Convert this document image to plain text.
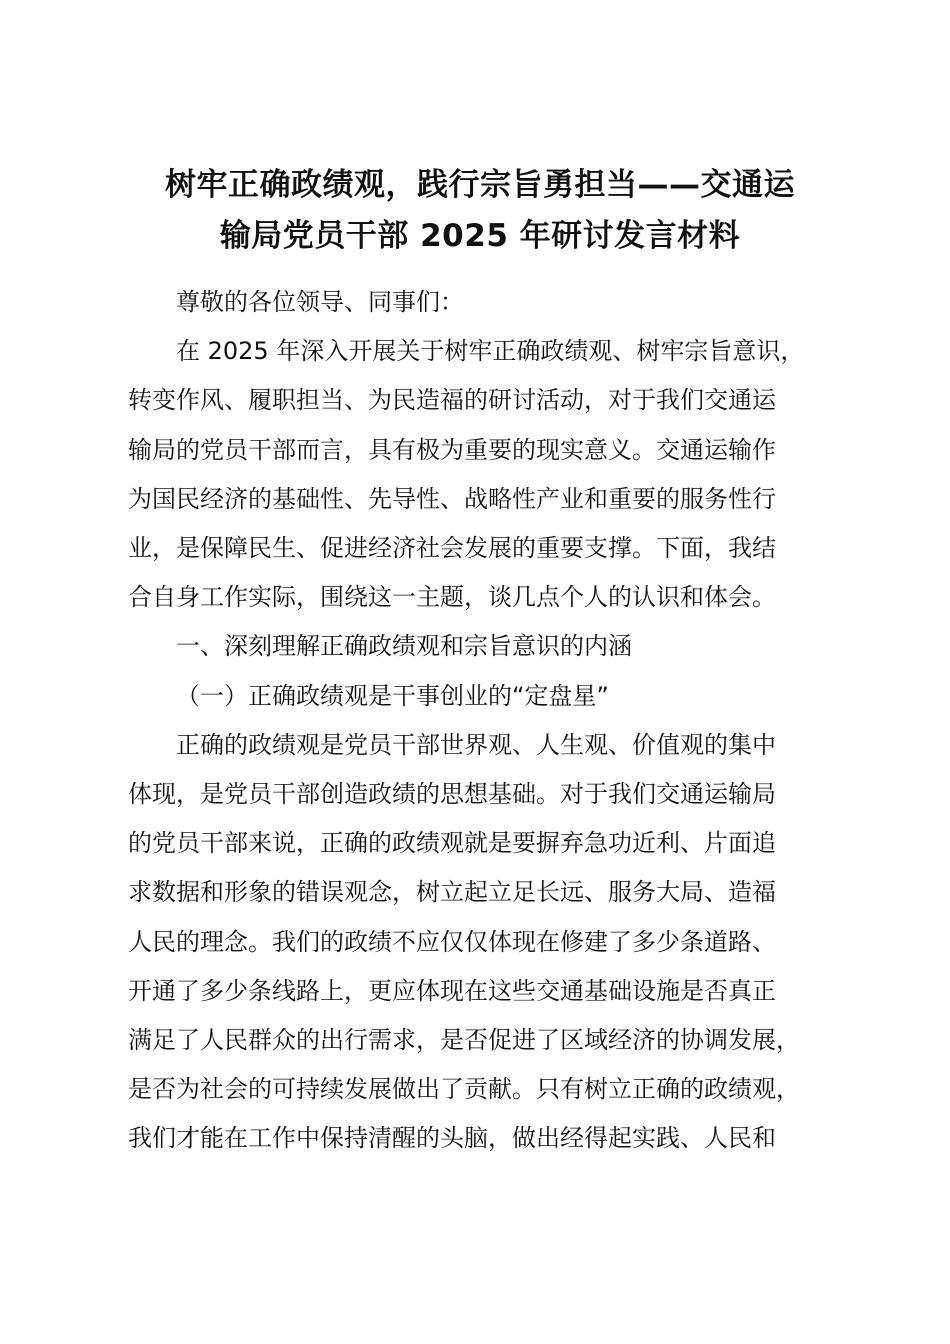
树牢正确政绩观，践行宗旨勇担当——交通运
输局党员干部 2025 年研讨发言材料

尊敬的各位领导、同事们：

在 2025 年深入开展关于树牢正确政绩观、树牢宗旨意识，
转变作风、履职担当、为民造福的研讨活动，对于我们交通运
输局的党员干部而言，具有极为重要的现实意义。交通运输作
为国民经济的基础性、先导性、战略性产业和重要的服务性行
业，是保障民生、促进经济社会发展的重要支撑。下面，我结
合自身工作实际，围绕这一主题，谈几点个人的认识和体会。

一、深刻理解正确政绩观和宗旨意识的内涵

（一）正确政绩观是干事创业的“定盘星”

正确的政绩观是党员干部世界观、人生观、价值观的集中
体现，是党员干部创造政绩的思想基础。对于我们交通运输局
的党员干部来说，正确的政绩观就是要摒弃急功近利、片面追
求数据和形象的错误观念，树立起立足长远、服务大局、造福
人民的理念。我们的政绩不应仅仅体现在修建了多少条道路、
开通了多少条线路上，更应体现在这些交通基础设施是否真正
满足了人民群众的出行需求，是否促进了区域经济的协调发展，
是否为社会的可持续发展做出了贡献。只有树立正确的政绩观，
我们才能在工作中保持清醒的头脑，做出经得起实践、人民和
